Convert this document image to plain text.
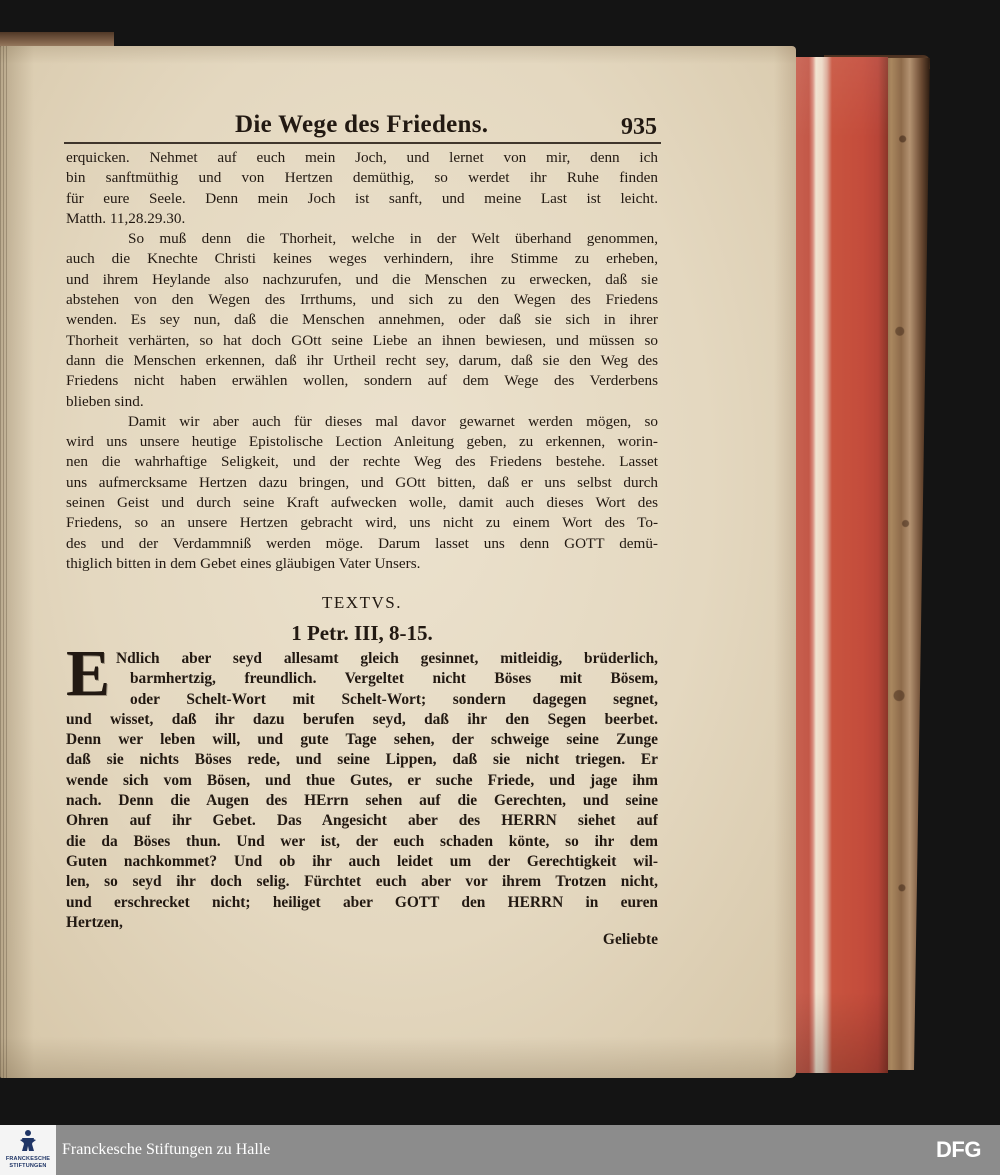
Die Wege des Friedens.	935
erquicken. Nehmet auf euch mein Joch, und lernet von mir, denn ich
bin sanftmüthig und von Hertzen demüthig, so werdet ihr Ruhe finden
für eure Seele. Denn mein Joch ist sanft, und meine Last ist leicht.
Matth. 11,28.29.30.
So muß denn die Thorheit, welche in der Welt überhand genommen,
auch die Knechte Christi keines weges verhindern, ihre Stimme zu erheben,
und ihrem Heylande also nachzurufen, und die Menschen zu erwecken, daß sie
abstehen von den Wegen des Irrthums, und sich zu den Wegen des Friedens
wenden. Es sey nun, daß die Menschen annehmen, oder daß sie sich in ihrer
Thorheit verhärten, so hat doch GOtt seine Liebe an ihnen bewiesen, und müssen so
dann die Menschen erkennen, daß ihr Urtheil recht sey, darum, daß sie den Weg des
Friedens nicht haben erwählen wollen, sondern auf dem Wege des Verderbens
blieben sind.
Damit wir aber auch für dieses mal davor gewarnet werden mögen, so
wird uns unsere heutige Epistolische Lection Anleitung geben, zu erkennen, worin-
nen die wahrhaftige Seligkeit, und der rechte Weg des Friedens bestehe. Lasset
uns aufmercksame Hertzen dazu bringen, und GOtt bitten, daß er uns selbst durch
seinen Geist und durch seine Kraft aufwecken wolle, damit auch dieses Wort des
Friedens, so an unsere Hertzen gebracht wird, uns nicht zu einem Wort des To-
des und der Verdammniß werden möge. Darum lasset uns denn GOTT demü-
thiglich bitten in dem Gebet eines gläubigen Vater Unsers.
TEXTVS.
1 Petr. III, 8-15.
E Ndlich aber seyd allesamt gleich gesinnet, mitleidig, brüderlich,
barmhertzig, freundlich. Vergeltet nicht Böses mit Bösem,
oder Schelt-Wort mit Schelt-Wort; sondern dagegen segnet,
und wisset, daß ihr dazu berufen seyd, daß ihr den Segen beerbet.
Denn wer leben will, und gute Tage sehen, der schweige seine Zunge
daß sie nichts Böses rede, und seine Lippen, daß sie nicht triegen. Er
wende sich vom Bösen, und thue Gutes, er suche Friede, und jage ihm
nach. Denn die Augen des HErrn sehen auf die Gerechten, und seine
Ohren auf ihr Gebet. Das Angesicht aber des HERRN siehet auf
die da Böses thun. Und wer ist, der euch schaden könte, so ihr dem
Guten nachkommet? Und ob ihr auch leidet um der Gerechtigkeit wil-
len, so seyd ihr doch selig. Fürchtet euch aber vor ihrem Trotzen nicht,
und erschrecket nicht; heiliget aber GOTT den HERRN in euren
Hertzen,
Geliebte
FRANCKESCHE
STIFTUNGEN
Franckesche Stiftungen zu Halle	DFG
